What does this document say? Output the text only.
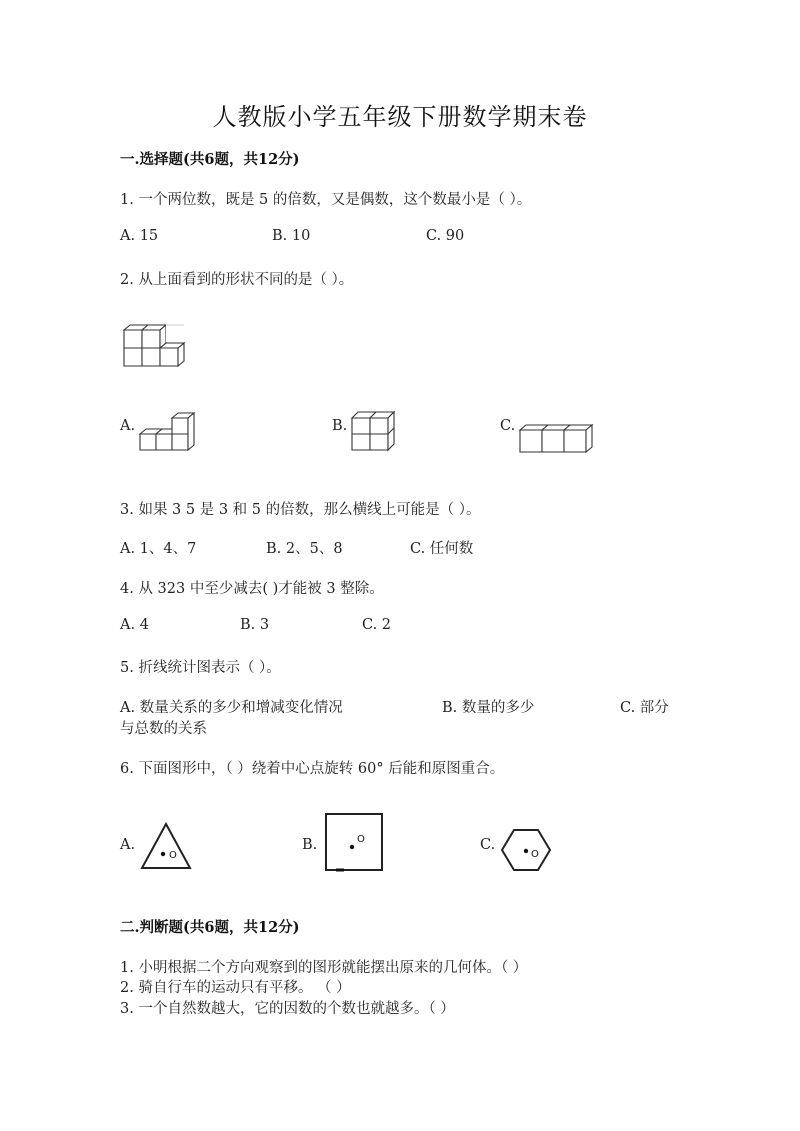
人教版小学五年级下册数学期末卷
一.选择题(共6题，共12分)
1. 一个两位数，既是 5 的倍数，又是偶数，这个数最小是（ ）。
A. 15	B. 10	C. 90
2. 从上面看到的形状不同的是（ ）。
A.	B.	C.
3. 如果 3 5 是 3 和 5 的倍数，那么横线上可能是（ ）。
A. 1、4、7	B. 2、5、8	C. 任何数
4. 从 323 中至少减去( )才能被 3 整除。
A. 4	B. 3	C. 2
5. 折线统计图表示（ ）。
A. 数量关系的多少和增减变化情况	B. 数量的多少	C. 部分
与总数的关系
6. 下面图形中，（ ）绕着中心点旋转 60° 后能和原图重合。
A.
O
B.	O	C.
O
二.判断题(共6题，共12分)
1. 小明根据二个方向观察到的图形就能摆出原来的几何体。（ ）
2. 骑自行车的运动只有平移。 （ ）
3. 一个自然数越大，它的因数的个数也就越多。（ ）
